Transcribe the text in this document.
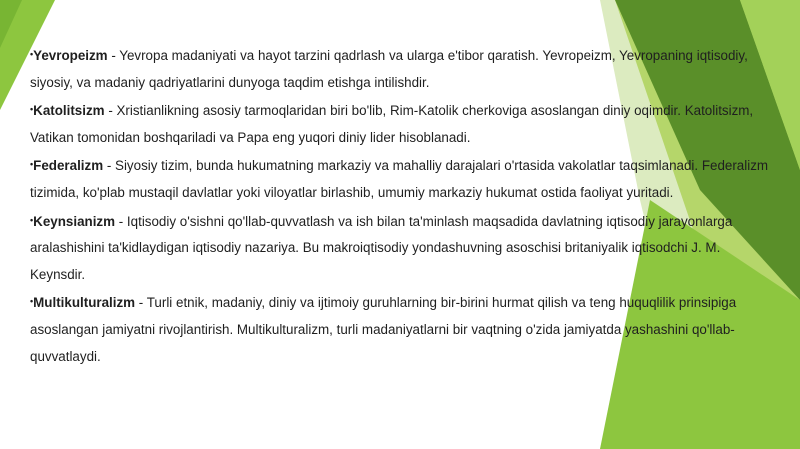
•Yevropeizm - Yevropa madaniyati va hayot tarzini qadrlash va ularga e'tibor qaratish. Yevropeizm, Yevropaning iqtisodiy, siyosiy, va madaniy qadriyatlarini dunyoga taqdim etishga intilishdir.

•Katolitsizm - Xristianlikning asosiy tarmoqlaridan biri bo'lib, Rim-Katolik cherkoviga asoslangan diniy oqimdir. Katolitsizm, Vatikan tomonidan boshqariladi va Papa eng yuqori diniy lider hisoblanadi.

•Federalizm - Siyosiy tizim, bunda hukumatning markaziy va mahalliy darajalari o'rtasida vakolatlar taqsimlanadi. Federalizm tizimida, ko'plab mustaqil davlatlar yoki viloyatlar birlashib, umumiy markaziy hukumat ostida faoliyat yuritadi.

•Keynsianizm - Iqtisodiy o'sishni qo'llab-quvvatlash va ish bilan ta'minlash maqsadida davlatning iqtisodiy jarayonlarga aralashishini ta'kidlaydigan iqtisodiy nazariya. Bu makroiqtisodiy yondashuvning asoschisi britaniyalik iqtisodchi J. M. Keynsdir.

•Multikulturalizm - Turli etnik, madaniy, diniy va ijtimoiy guruhlarning bir-birini hurmat qilish va teng huquqlilik prinsipiga asoslangan jamiyatni rivojlantirish. Multikulturalizm, turli madaniyatlarni bir vaqtning o'zida jamiyatda yashashini qo'llab-quvvatlaydi.
